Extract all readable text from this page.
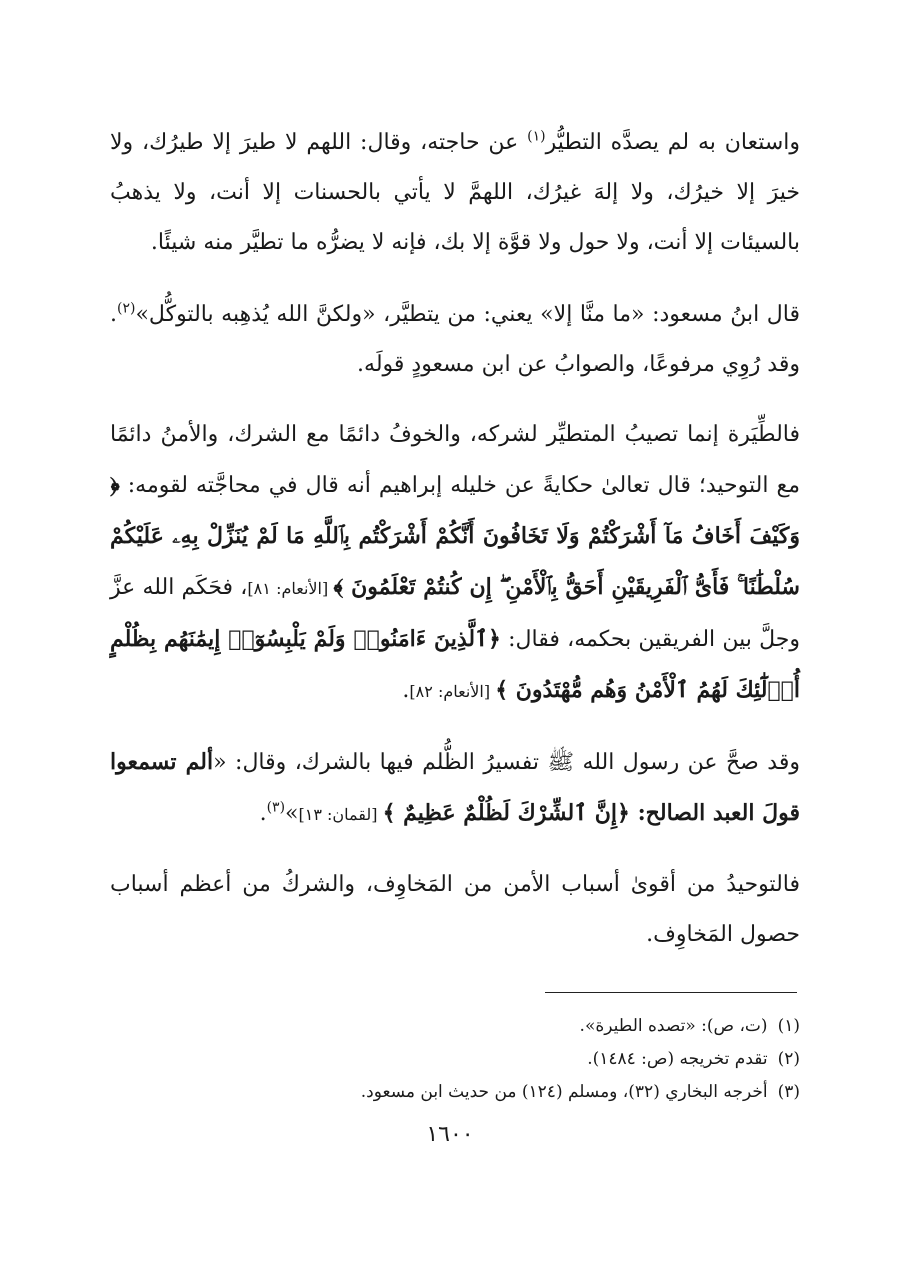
واستعان به لم يصدَّه التطيُّر$^{(١)}$ عن حاجته، وقال: اللهم لا طيرَ إلا طيرُك، ولا خيرَ إلا خيرُك، ولا إلهَ غيرُك، اللهمَّ لا يأتي بالحسنات إلا أنت، ولا يذهبُ بالسيئات إلا أنت، ولا حول ولا قوَّة إلا بك، فإنه لا يضرُّه ما تطيَّر منه شيئًا.

قال ابنُ مسعود: «ما منَّا إلا» يعني: من يتطيَّر، «ولكنَّ الله يُذهِبه بالتوكُّل»$^{(٢)}$. وقد رُوِي مرفوعًا، والصوابُ عن ابن مسعودٍ قولَه.

فالطِّيَرة إنما تصيبُ المتطيِّر لشركه، والخوفُ دائمًا مع الشرك، والأمنُ دائمًا مع التوحيد؛ قال تعالىٰ حكايةً عن خليله إبراهيم أنه قال في محاجَّته لقومه: ﴿ وَكَيْفَ أَخَافُ مَآ أَشْرَكْتُمْ وَلَا تَخَافُونَ أَنَّكُمْ أَشْرَكْتُم بِٱللَّهِ مَا لَمْ يُنَزِّلْ بِهِۦ عَلَيْكُمْ سُلْطَٰنًا ۚ فَأَىُّ ٱلْفَرِيقَيْنِ أَحَقُّ بِٱلْأَمْنِ ۖ إِن كُنتُمْ تَعْلَمُونَ ﴾ [الأنعام: ٨١]، فحَكَم الله عزَّ وجلَّ بين الفريقين بحكمه، فقال: ﴿ٱلَّذِينَ ءَامَنُوا۟ وَلَمْ يَلْبِسُوٓا۟ إِيمَٰنَهُم بِظُلْمٍ أُو۟لَٰٓئِكَ لَهُمُ ٱلْأَمْنُ وَهُم مُّهْتَدُونَ ﴾ [الأنعام: ٨٢].

وقد صحَّ عن رسول الله ﷺ تفسيرُ الظُّلم فيها بالشرك، وقال: «ألم تسمعوا قولَ العبد الصالح: ﴿إِنَّ ٱلشِّرْكَ لَظُلْمٌ عَظِيمٌ ﴾ [لقمان: ١٣]»$^{(٣)}$.

فالتوحيدُ من أقوىٰ أسباب الأمن من المَخاوِف، والشركُ من أعظم أسباب حصول المَخاوِف.

(١)(ت، ص): «تصده الطيرة».
(٢)تقدم تخريجه (ص: ١٤٨٤).
(٣)أخرجه البخاري (٣٢)، ومسلم (١٢٤) من حديث ابن مسعود.
١٦٠٠
